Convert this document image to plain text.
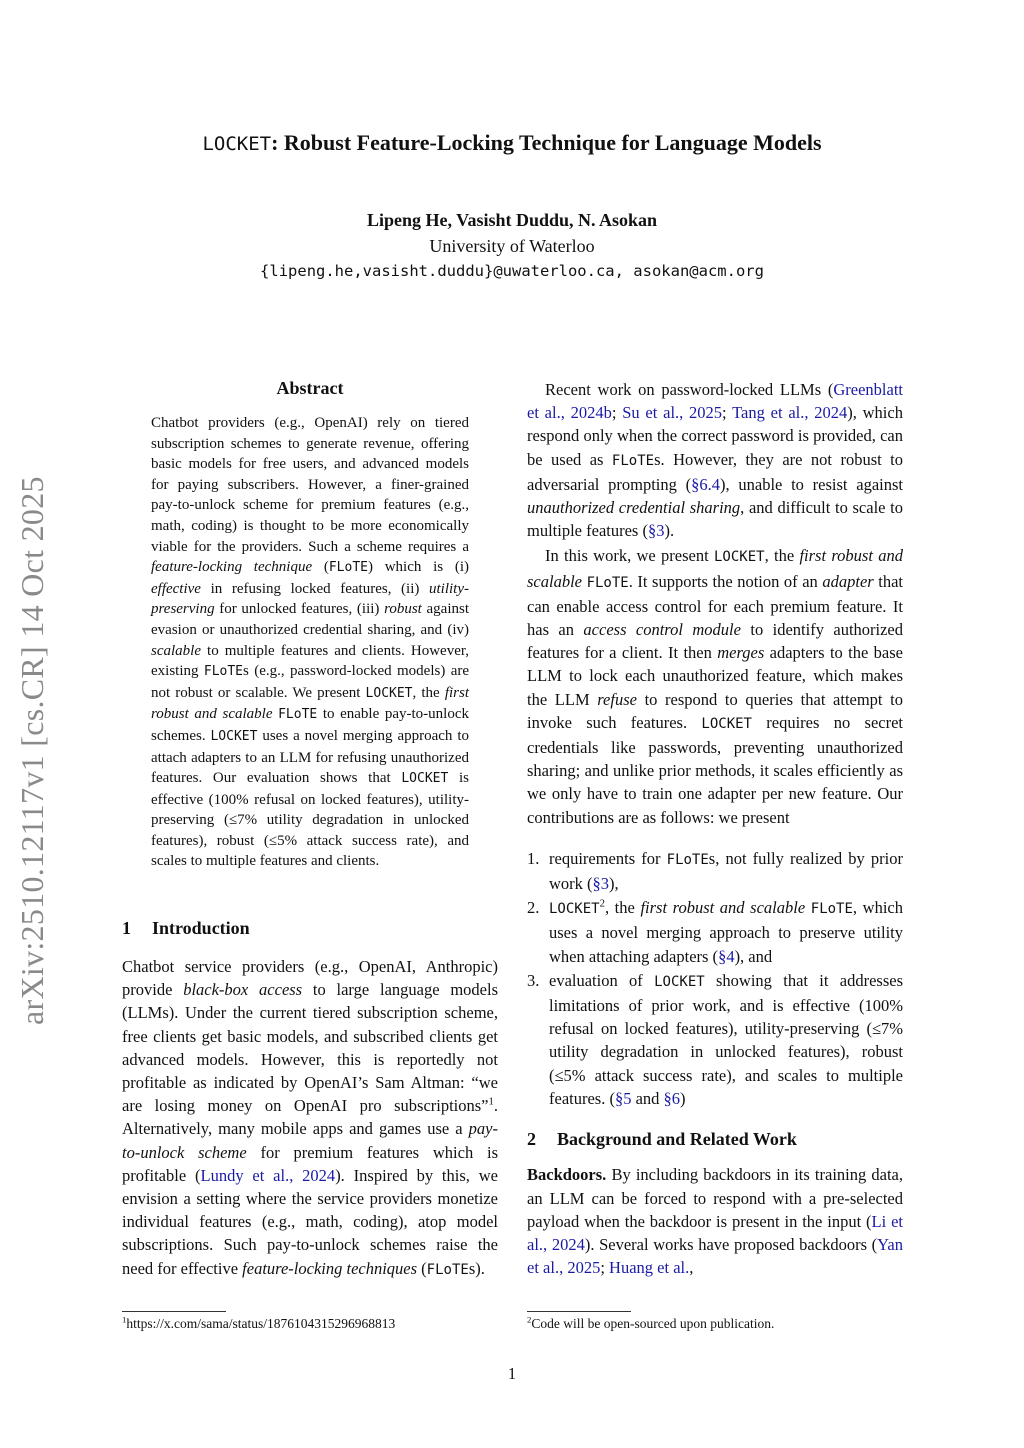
arXiv:2510.12117v1 [cs.CR] 14 Oct 2025
LOCKET: Robust Feature-Locking Technique for Language Models
Lipeng He, Vasisht Duddu, N. Asokan
University of Waterloo
{lipeng.he,vasisht.duddu}@uwaterloo.ca, asokan@acm.org
Abstract
Chatbot providers (e.g., OpenAI) rely on tiered subscription schemes to generate revenue, offering basic models for free users, and advanced models for paying subscribers. However, a finer-grained pay-to-unlock scheme for premium features (e.g., math, coding) is thought to be more economically viable for the providers. Such a scheme requires a feature-locking technique (FLoTE) which is (i) effective in refusing locked features, (ii) utility-preserving for unlocked features, (iii) robust against evasion or unauthorized credential sharing, and (iv) scalable to multiple features and clients. However, existing FLoTEs (e.g., password-locked models) are not robust or scalable. We present LOCKET, the first robust and scalable FLoTE to enable pay-to-unlock schemes. LOCKET uses a novel merging approach to attach adapters to an LLM for refusing unauthorized features. Our evaluation shows that LOCKET is effective (100% refusal on locked features), utility-preserving (≤7% utility degradation in unlocked features), robust (≤5% attack success rate), and scales to multiple features and clients.
1 Introduction
Chatbot service providers (e.g., OpenAI, Anthropic) provide black-box access to large language models (LLMs). Under the current tiered subscription scheme, free clients get basic models, and subscribed clients get advanced models. However, this is reportedly not profitable as indicated by OpenAI’s Sam Altman: “we are losing money on OpenAI pro subscriptions”$^1$. Alternatively, many mobile apps and games use a pay-to-unlock scheme for premium features which is profitable (Lundy et al., 2024). Inspired by this, we envision a setting where the service providers monetize individual features (e.g., math, coding), atop model subscriptions. Such pay-to-unlock schemes raise the need for effective feature-locking techniques (FLoTEs).
$^1$https://x.com/sama/status/1876104315296968813

Recent work on password-locked LLMs (Greenblatt et al., 2024b; Su et al., 2025; Tang et al., 2024), which respond only when the correct password is provided, can be used as FLoTEs. However, they are not robust to adversarial prompting (§6.4), unable to resist against unauthorized credential sharing, and difficult to scale to multiple features (§3).

In this work, we present LOCKET, the first robust and scalable FLoTE. It supports the notion of an adapter that can enable access control for each premium feature. It has an access control module to identify authorized features for a client. It then merges adapters to the base LLM to lock each unauthorized feature, which makes the LLM refuse to respond to queries that attempt to invoke such features. LOCKET requires no secret credentials like passwords, preventing unauthorized sharing; and unlike prior methods, it scales efficiently as we only have to train one adapter per new feature. Our contributions are as follows: we present

1. requirements for FLoTEs, not fully realized by prior work (§3),
2. LOCKET$^2$, the first robust and scalable FLoTE, which uses a novel merging approach to preserve utility when attaching adapters (§4), and
3. evaluation of LOCKET showing that it addresses limitations of prior work, and is effective (100% refusal on locked features), utility-preserving (≤7% utility degradation in unlocked features), robust (≤5% attack success rate), and scales to multiple features. (§5 and §6)
2 Background and Related Work
Backdoors. By including backdoors in its training data, an LLM can be forced to respond with a pre-selected payload when the backdoor is present in the input (Li et al., 2024). Several works have proposed backdoors (Yan et al., 2025; Huang et al.,
$^2$Code will be open-sourced upon publication.
1
